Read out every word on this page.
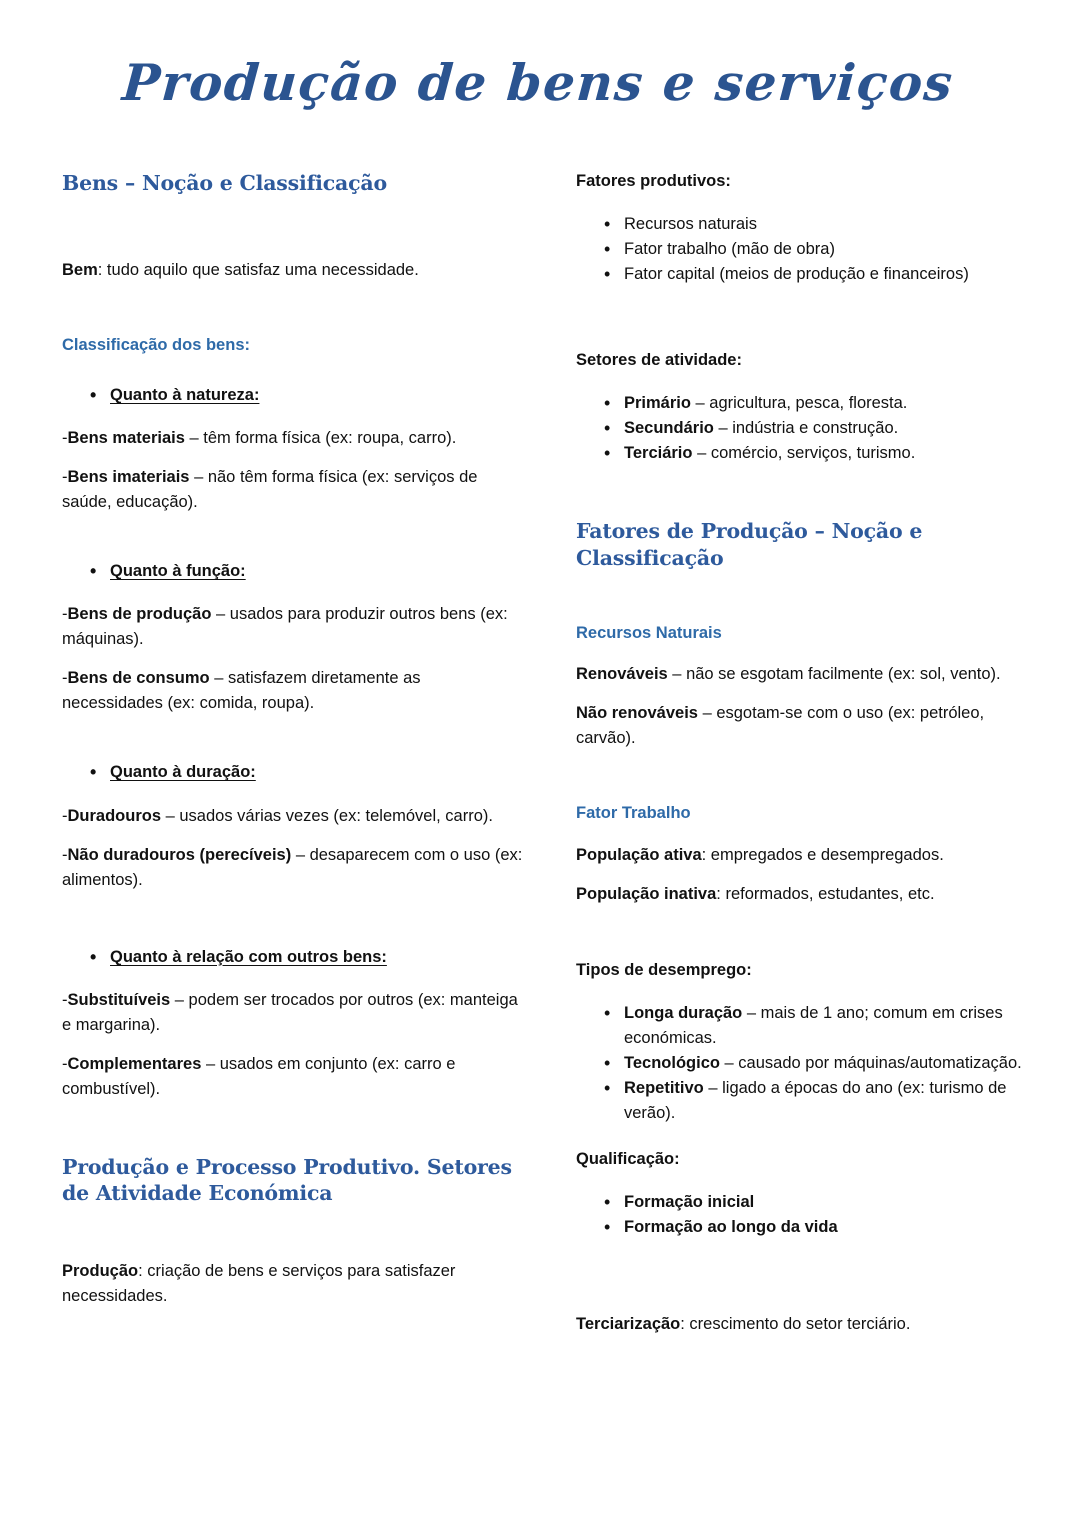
Produção de bens e serviços
Bens – Noção e Classificação

Bem: tudo aquilo que satisfaz uma necessidade.

Classificação dos bens:
• Quanto à natureza:

-Bens materiais – têm forma física (ex: roupa, carro).

-Bens imateriais – não têm forma física (ex: serviços de saúde, educação).

• Quanto à função:

-Bens de produção – usados para produzir outros bens (ex: máquinas).

-Bens de consumo – satisfazem diretamente as necessidades (ex: comida, roupa).

• Quanto à duração:

-Duradouros – usados várias vezes (ex: telemóvel, carro).

-Não duradouros (perecíveis) – desaparecem com o uso (ex: alimentos).

• Quanto à relação com outros bens:

-Substituíveis – podem ser trocados por outros (ex: manteiga e margarina).

-Complementares – usados em conjunto (ex: carro e combustível).

Produção e Processo Produtivo. Setores de Atividade Económica

Produção: criação de bens e serviços para satisfazer necessidades.

Fatores produtivos:

• Recursos naturais
• Fator trabalho (mão de obra)
• Fator capital (meios de produção e financeiros)

Setores de atividade:

• Primário – agricultura, pesca, floresta.
• Secundário – indústria e construção.
• Terciário – comércio, serviços, turismo.
Fatores de Produção – Noção e Classificação
Recursos Naturais

Renováveis – não se esgotam facilmente (ex: sol, vento).

Não renováveis – esgotam-se com o uso (ex: petróleo, carvão).

Fator Trabalho

População ativa: empregados e desempregados.

População inativa: reformados, estudantes, etc.

Tipos de desemprego:

• Longa duração – mais de 1 ano; comum em crises económicas.
• Tecnológico – causado por máquinas/automatização.
• Repetitivo – ligado a épocas do ano (ex: turismo de verão).

Qualificação:

• Formação inicial
• Formação ao longo da vida

Terciarização: crescimento do setor terciário.
